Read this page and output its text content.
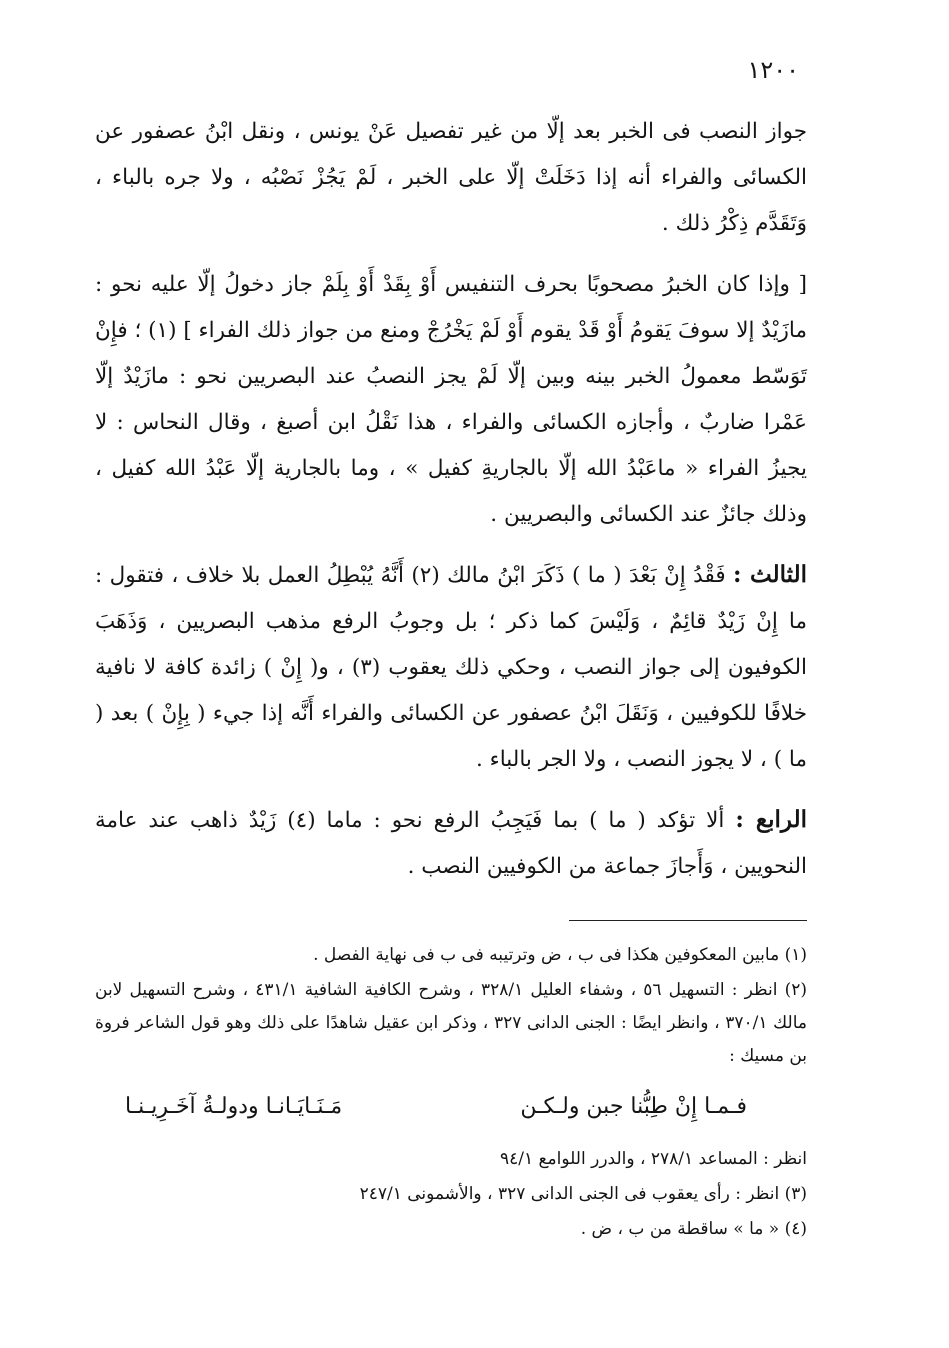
١٢٠٠

جواز النصب فى الخبر بعد إلّا من غير تفصيل عَنْ يونس ، ونقل ابْنُ عصفور عن الكسائى والفراء أنه إذا دَخَلَتْ إلّا على الخبر ، لَمْ يَجُزْ نَصْبُه ، ولا جره بالباء ، وَتَقَدَّم ذِكْرُ ذلك .

[ وإذا كان الخبرُ مصحوبًا بحرف التنفيس أَوْ بِقَدْ أَوْ بِلَمْ جاز دخولُ إلّا عليه نحو : مازَيْدٌ إلا سوفَ يَقومُ أَوْ قَدْ يقوم أَوْ لَمْ يَخْرُجْ ومنع من جواز ذلك الفراء ] (١) ؛ فإِنْ تَوَسّط معمولُ الخبر بينه وبين إلّا لَمْ يجز النصبُ عند البصريين نحو : مازَيْدٌ إلّا عَمْرا ضاربٌ ، وأجازه الكسائى والفراء ، هذا نَقْلُ ابن أصبغ ، وقال النحاس : لا يجيزُ الفراء « ماعَبْدُ الله إلّا بالجاريةِ كفيل » ، وما بالجارية إلّا عَبْدُ الله كفيل ، وذلك جائزٌ عند الكسائى والبصريين .

الثالث : فَقْدُ إِنْ بَعْدَ ( ما ) ذَكَرَ ابْنُ مالك (٢) أَنَّهُ يُبْطِلُ العمل بلا خلاف ، فتقول : ما إِنْ زَيْدٌ قائِمٌ ، وَلَيْسَ كما ذكر ؛ بل وجوبُ الرفع مذهب البصريين ، وَذَهَبَ الكوفيون إلى جواز النصب ، وحكي ذلك يعقوب (٣) ، و( إِنْ ) زائدة كافة لا نافية خلافًا للكوفيين ، وَنَقَلَ ابْنُ عصفور عن الكسائى والفراء أَنَّه إذا جيء ( بِإِنْ ) بعد ( ما ) ، لا يجوز النصب ، ولا الجر بالباء .

الرابع : ألا تؤكد ( ما ) بما فَيَجِبُ الرفع نحو : ماما (٤) زَيْدٌ ذاهب عند عامة النحويين ، وَأَجازَ جماعة من الكوفيين النصب .

(١) مابين المعكوفين هكذا فى ب ، ض وترتيبه فى ب فى نهاية الفصل .

(٢) انظر : التسهيل ٥٦ ، وشفاء العليل ٣٢٨/١ ، وشرح الكافية الشافية ٤٣١/١ ، وشرح التسهيل لابن مالك ٣٧٠/١ ، وانظر ايضًا : الجنى الدانى ٣٢٧ ، وذكر ابن عقيل شاهدًا على ذلك وهو قول الشاعر فروة بن مسيك :

فـمـا إِنْ طِبُّنا جبن ولـكـن
مَـنَـايَـانـا ودولـةُ آخَـرِيـنـا

انظر : المساعد ٢٧٨/١ ، والدرر اللوامع ٩٤/١

(٣) انظر : رأى يعقوب فى الجنى الدانى ٣٢٧ ، والأشمونى ٢٤٧/١

(٤) « ما » ساقطة من ب ، ض .
